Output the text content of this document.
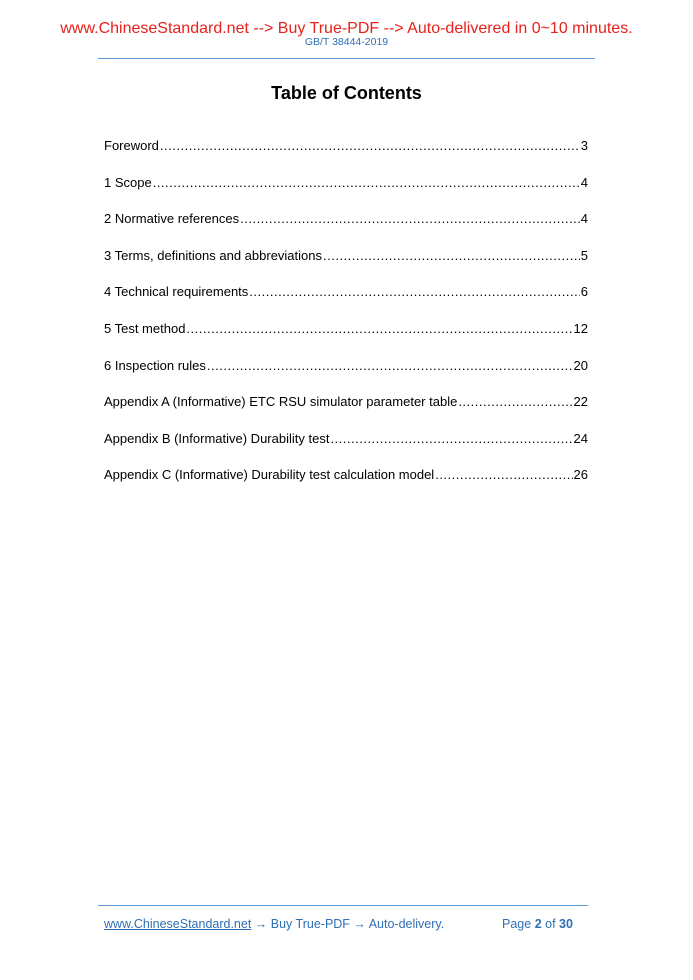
www.ChineseStandard.net --> Buy True-PDF --> Auto-delivered in 0~10 minutes.
GB/T 38444-2019
Table of Contents
Foreword .....	3
1 Scope .....	4
2 Normative references .....	4
3 Terms, definitions and abbreviations .....	5
4 Technical requirements .....	6
5 Test method .....	12
6 Inspection rules .....	20
Appendix A (Informative) ETC RSU simulator parameter table .....	22
Appendix B (Informative) Durability test .....	24
Appendix C (Informative) Durability test calculation model .....	26
www.ChineseStandard.net → Buy True-PDF → Auto-delivery.	Page 2 of 30
